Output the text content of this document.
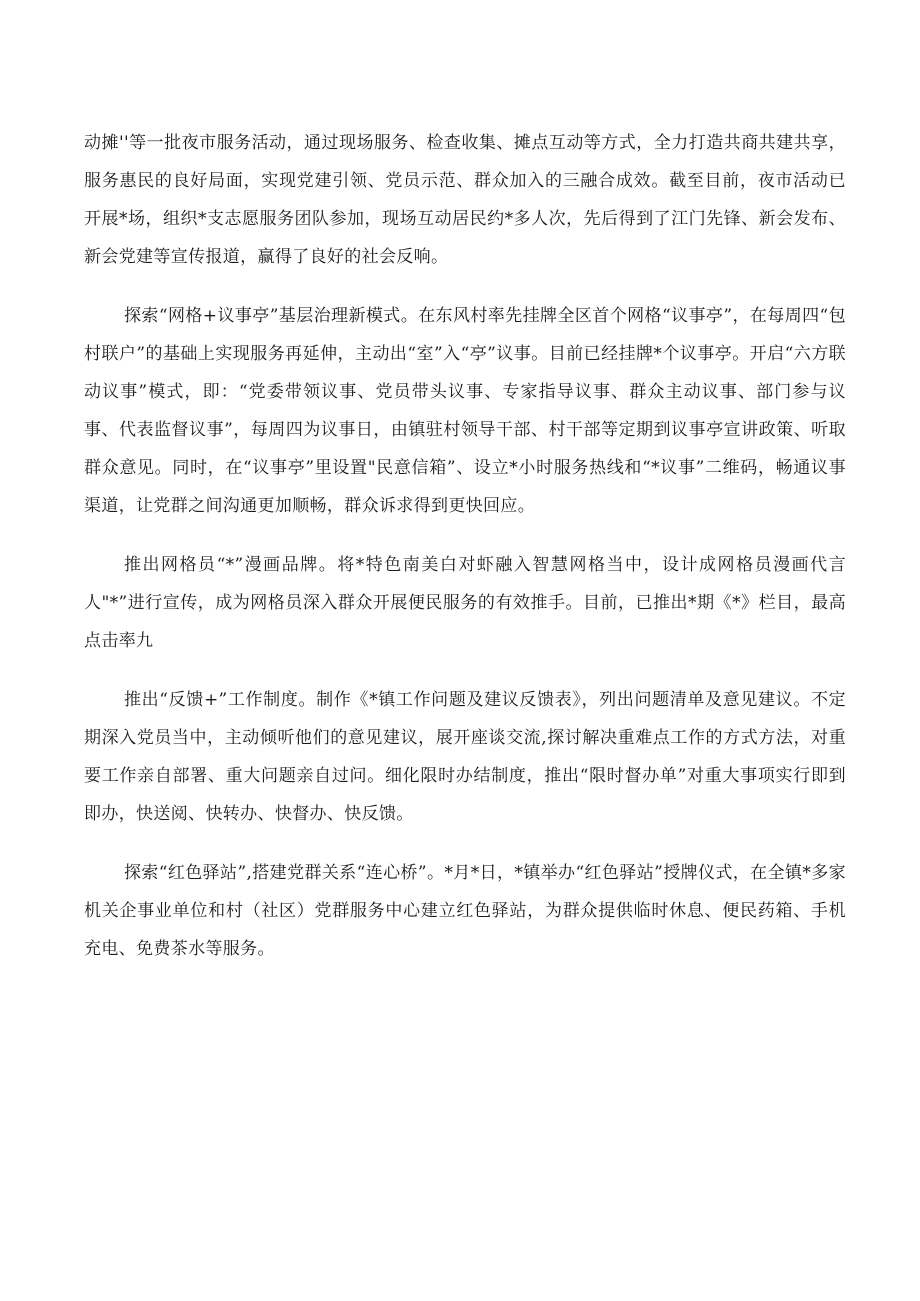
动摊''等一批夜市服务活动，通过现场服务、检查收集、摊点互动等方式，全力打造共商共建共享，服务惠民的良好局面，实现党建引领、党员示范、群众加入的三融合成效。截至目前，夜市活动已开展*场，组织*支志愿服务团队参加，现场互动居民约*多人次，先后得到了江门先锋、新会发布、新会党建等宣传报道，赢得了良好的社会反响。

探索“网格+议事亭”基层治理新模式。在东风村率先挂牌全区首个网格“议事亭”，在每周四“包村联户”的基础上实现服务再延伸，主动出“室”入“亭”议事。目前已经挂牌*个议事亭。开启“六方联动议事”模式，即：“党委带领议事、党员带头议事、专家指导议事、群众主动议事、部门参与议事、代表监督议事”，每周四为议事日，由镇驻村领导干部、村干部等定期到议事亭宣讲政策、听取群众意见。同时，在“议事亭”里设置"民意信箱”、设立*小时服务热线和“*议事”二维码，畅通议事渠道，让党群之间沟通更加顺畅，群众诉求得到更快回应。

推出网格员“*”漫画品牌。将*特色南美白对虾融入智慧网格当中，设计成网格员漫画代言人"*”进行宣传，成为网格员深入群众开展便民服务的有效推手。目前，已推出*期《*》栏目，最高点击率九

推出“反馈+”工作制度。制作《*镇工作问题及建议反馈表》，列出问题清单及意见建议。不定期深入党员当中，主动倾听他们的意见建议，展开座谈交流,探讨解决重难点工作的方式方法，对重要工作亲自部署、重大问题亲自过问。细化限时办结制度，推出“限时督办单”对重大事项实行即到即办，快送阅、快转办、快督办、快反馈。

探索“红色驿站”,搭建党群关系“连心桥”。*月*日，*镇举办“红色驿站”授牌仪式，在全镇*多家机关企事业单位和村（社区）党群服务中心建立红色驿站，为群众提供临时休息、便民药箱、手机充电、免费茶水等服务。
